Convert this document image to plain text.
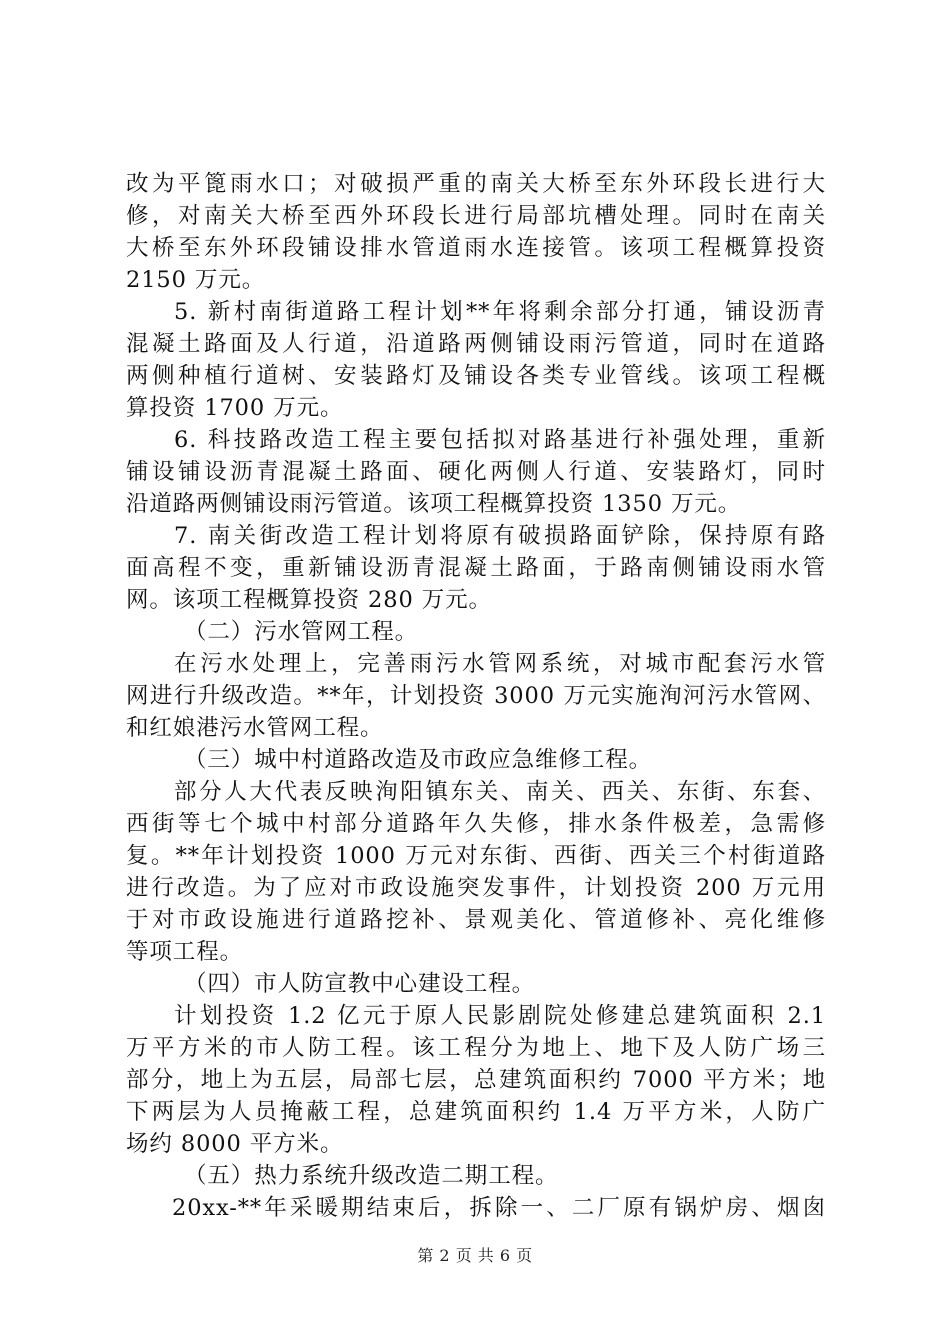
改为平篦雨水口；对破损严重的南关大桥至东外环段长进行大
修，对南关大桥至西外环段长进行局部坑槽处理。同时在南关
大桥至东外环段铺设排水管道雨水连接管。该项工程概算投资
2150 万元。
5. 新村南街道路工程计划**年将剩余部分打通，铺设沥青
混凝土路面及人行道，沿道路两侧铺设雨污管道，同时在道路
两侧种植行道树、安装路灯及铺设各类专业管线。该项工程概
算投资 1700 万元。
6. 科技路改造工程主要包括拟对路基进行补强处理，重新
铺设铺设沥青混凝土路面、硬化两侧人行道、安装路灯，同时
沿道路两侧铺设雨污管道。该项工程概算投资 1350 万元。
7. 南关街改造工程计划将原有破损路面铲除，保持原有路
面高程不变，重新铺设沥青混凝土路面，于路南侧铺设雨水管
网。该项工程概算投资 280 万元。
（二）污水管网工程。
在污水处理上，完善雨污水管网系统，对城市配套污水管
网进行升级改造。**年，计划投资 3000 万元实施洵河污水管网、
和红娘港污水管网工程。
（三）城中村道路改造及市政应急维修工程。
部分人大代表反映洵阳镇东关、南关、西关、东街、东套、
西街等七个城中村部分道路年久失修，排水条件极差，急需修
复。**年计划投资 1000 万元对东街、西街、西关三个村街道路
进行改造。为了应对市政设施突发事件，计划投资 200 万元用
于对市政设施进行道路挖补、景观美化、管道修补、亮化维修
等项工程。
（四）市人防宣教中心建设工程。
计划投资 1.2 亿元于原人民影剧院处修建总建筑面积 2.1
万平方米的市人防工程。该工程分为地上、地下及人防广场三
部分，地上为五层，局部七层，总建筑面积约 7000 平方米；地
下两层为人员掩蔽工程，总建筑面积约 1.4 万平方米，人防广
场约 8000 平方米。
（五）热力系统升级改造二期工程。
20xx-**年采暖期结束后，拆除一、二厂原有锅炉房、烟囱
第 2 页 共 6 页
